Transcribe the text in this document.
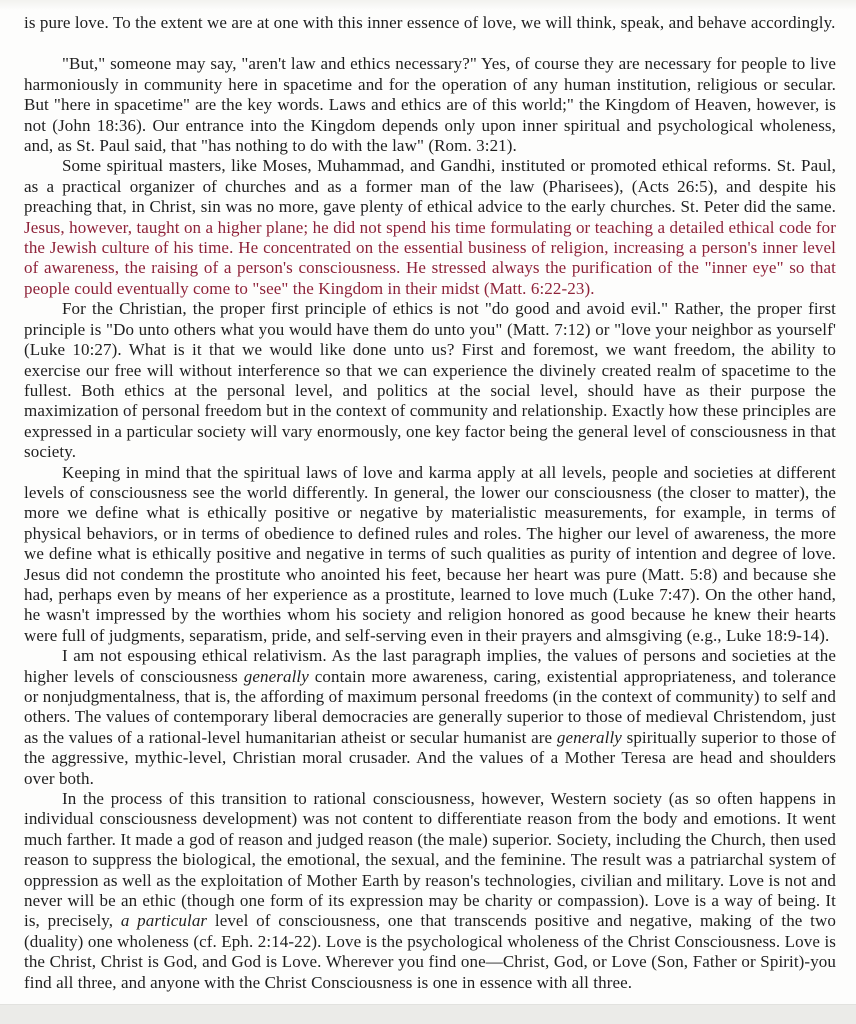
is pure love. To the extent we are at one with this inner essence of love, we will think, speak, and behave accordingly.

"But," someone may say, "aren't law and ethics necessary?" Yes, of course they are necessary for people to live harmoniously in community here in spacetime and for the operation of any human institution, religious or secular. But "here in spacetime" are the key words. Laws and ethics are of this world;" the Kingdom of Heaven, however, is not (John 18:36). Our entrance into the Kingdom depends only upon inner spiritual and psychological wholeness, and, as St. Paul said, that "has nothing to do with the law" (Rom. 3:21).

Some spiritual masters, like Moses, Muhammad, and Gandhi, instituted or promoted ethical reforms. St. Paul, as a practical organizer of churches and as a former man of the law (Pharisees), (Acts 26:5), and despite his preaching that, in Christ, sin was no more, gave plenty of ethical advice to the early churches. St. Peter did the same. Jesus, however, taught on a higher plane; he did not spend his time formulating or teaching a detailed ethical code for the Jewish culture of his time. He concentrated on the essential business of religion, increasing a person's inner level of awareness, the raising of a person's consciousness. He stressed always the purification of the "inner eye" so that people could eventually come to "see" the Kingdom in their midst (Matt. 6:22-23).

For the Christian, the proper first principle of ethics is not "do good and avoid evil." Rather, the proper first principle is "Do unto others what you would have them do unto you" (Matt. 7:12) or "love your neighbor as yourself' (Luke 10:27). What is it that we would like done unto us? First and foremost, we want freedom, the ability to exercise our free will without interference so that we can experience the divinely created realm of spacetime to the fullest. Both ethics at the personal level, and politics at the social level, should have as their purpose the maximization of personal freedom but in the context of community and relationship. Exactly how these principles are expressed in a particular society will vary enormously, one key factor being the general level of consciousness in that society.

Keeping in mind that the spiritual laws of love and karma apply at all levels, people and societies at different levels of consciousness see the world differently. In general, the lower our consciousness (the closer to matter), the more we define what is ethically positive or negative by materialistic measurements, for example, in terms of physical behaviors, or in terms of obedience to defined rules and roles. The higher our level of awareness, the more we define what is ethically positive and negative in terms of such qualities as purity of intention and degree of love. Jesus did not condemn the prostitute who anointed his feet, because her heart was pure (Matt. 5:8) and because she had, perhaps even by means of her experience as a prostitute, learned to love much (Luke 7:47). On the other hand, he wasn't impressed by the worthies whom his society and religion honored as good because he knew their hearts were full of judgments, separatism, pride, and self-serving even in their prayers and almsgiving (e.g., Luke 18:9-14).

I am not espousing ethical relativism. As the last paragraph implies, the values of persons and societies at the higher levels of consciousness generally contain more awareness, caring, existential appropriateness, and tolerance or nonjudgmentalness, that is, the affording of maximum personal freedoms (in the context of community) to self and others. The values of contemporary liberal democracies are generally superior to those of medieval Christendom, just as the values of a rational-level humanitarian atheist or secular humanist are generally spiritually superior to those of the aggressive, mythic-level, Christian moral crusader. And the values of a Mother Teresa are head and shoulders over both.

In the process of this transition to rational consciousness, however, Western society (as so often happens in individual consciousness development) was not content to differentiate reason from the body and emotions. It went much farther. It made a god of reason and judged reason (the male) superior. Society, including the Church, then used reason to suppress the biological, the emotional, the sexual, and the feminine. The result was a patriarchal system of oppression as well as the exploitation of Mother Earth by reason's technologies, civilian and military. Love is not and never will be an ethic (though one form of its expression may be charity or compassion). Love is a way of being. It is, precisely, a particular level of consciousness, one that transcends positive and negative, making of the two (duality) one wholeness (cf. Eph. 2:14-22). Love is the psychological wholeness of the Christ Consciousness. Love is the Christ, Christ is God, and God is Love. Wherever you find one—Christ, God, or Love (Son, Father or Spirit)-you find all three, and anyone with the Christ Consciousness is one in essence with all three.
